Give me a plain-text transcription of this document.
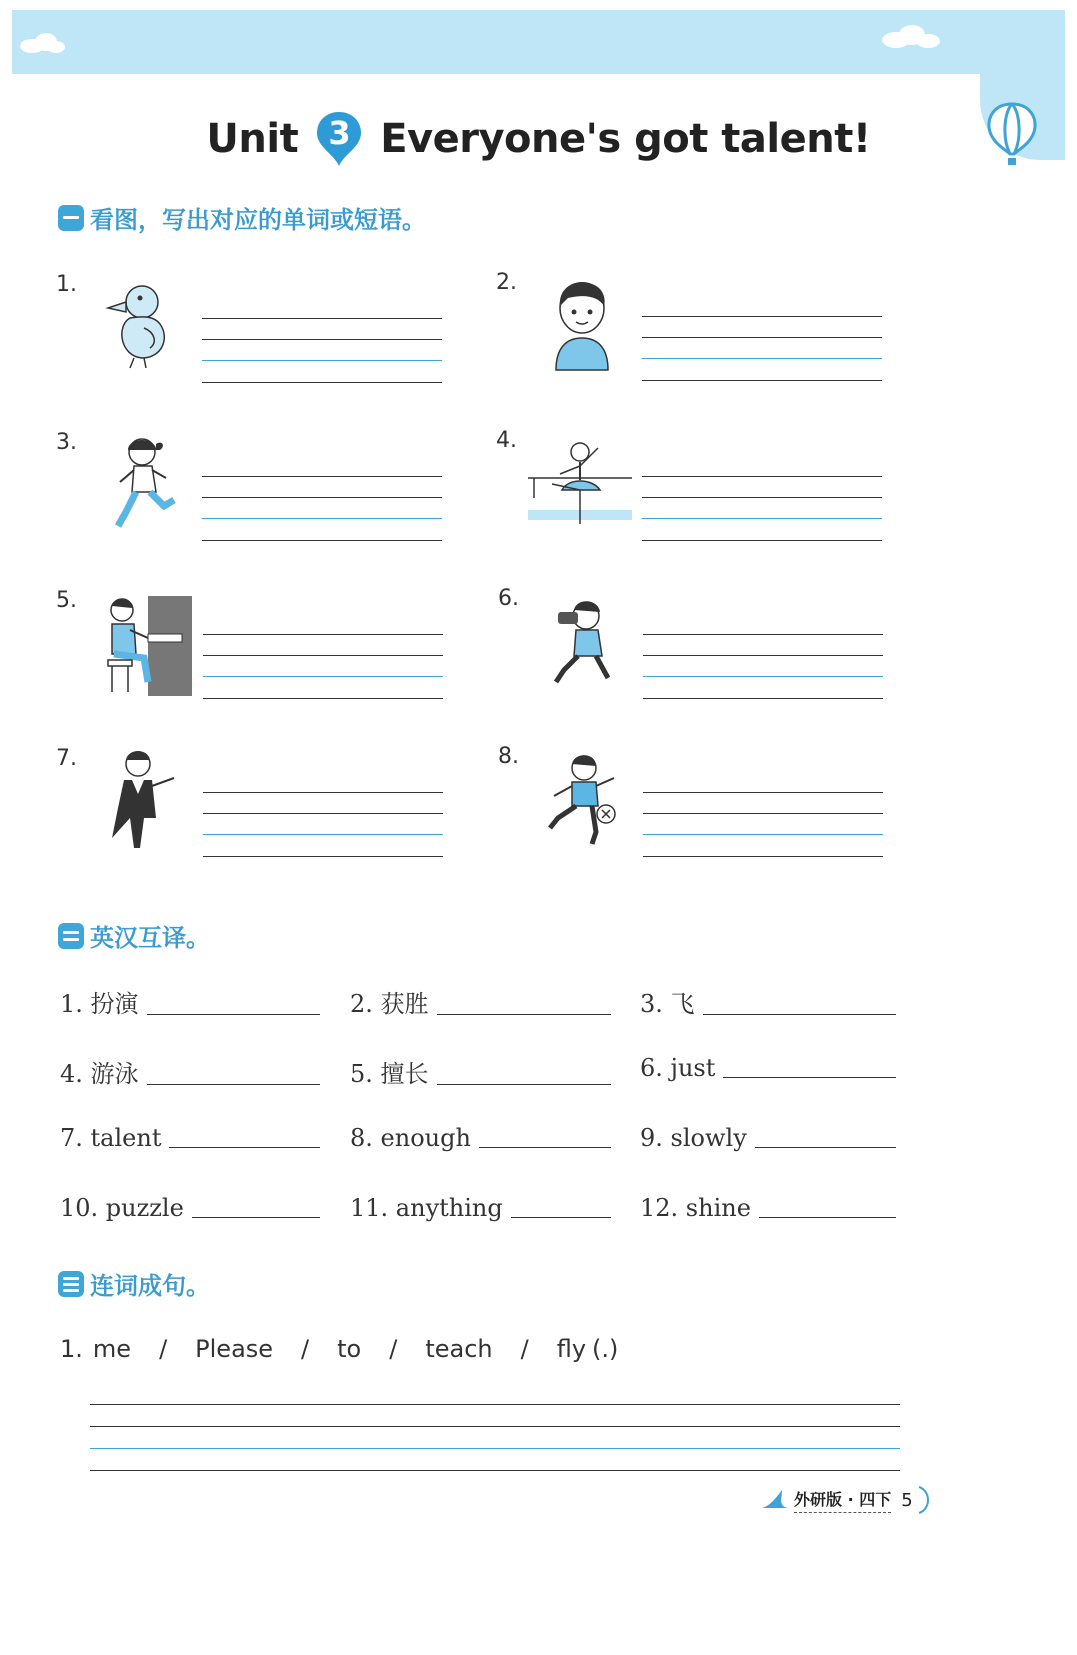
Unit 3 Everyone's got talent!
看图，写出对应的单词或短语。
1.	2.
3.	4.
5.	6.
7.	8.
英汉互译。
1. 扮演	2. 获胜	3. 飞
4. 游泳	5. 擅长	6. just
7. talent	8. enough	9. slowly
10. puzzle	11. anything	12. shine
连词成句。
1. me / Please / to / teach / fly (.)
外研版 · 四下 5
